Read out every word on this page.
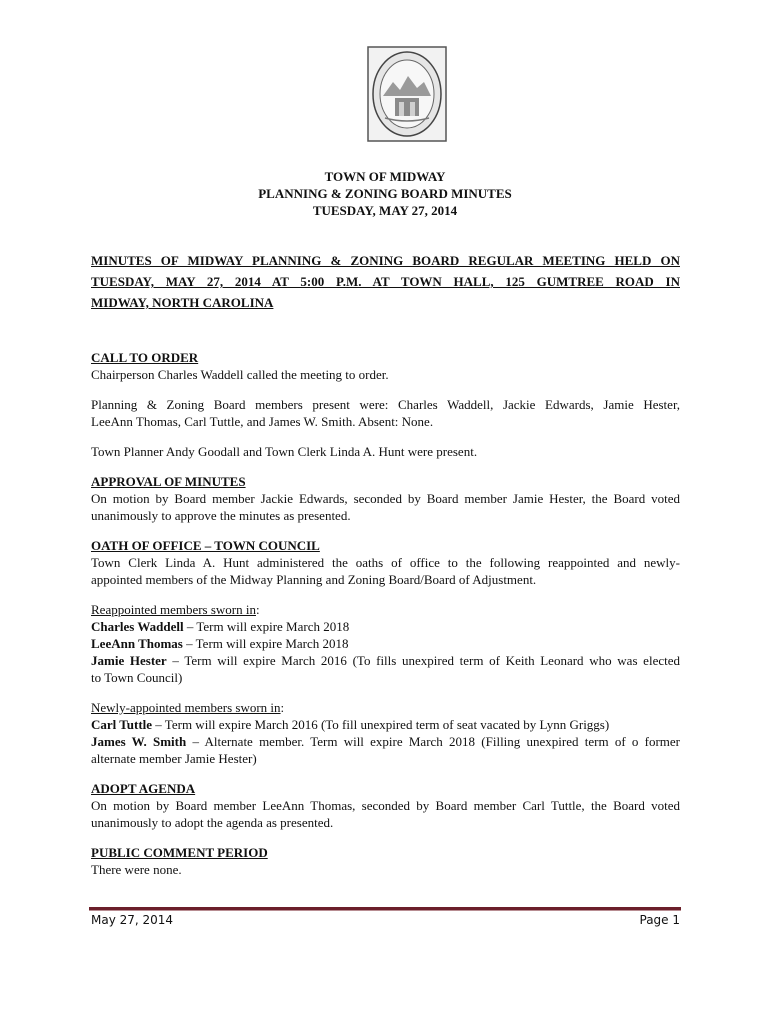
TOWN OF MIDWAY
PLANNING & ZONING BOARD MINUTES
TUESDAY, MAY 27, 2014

MINUTES OF MIDWAY PLANNING & ZONING BOARD REGULAR MEETING HELD ON
TUESDAY, MAY 27, 2014 AT 5:00 P.M. AT TOWN HALL, 125 GUMTREE ROAD IN
MIDWAY, NORTH CAROLINA

CALL TO ORDER

Chairperson Charles Waddell called the meeting to order.

Planning & Zoning Board members present were: Charles Waddell, Jackie Edwards, Jamie Hester,

LeeAnn Thomas, Carl Tuttle, and James W. Smith. Absent: None.

Town Planner Andy Goodall and Town Clerk Linda A. Hunt were present.

APPROVAL OF MINUTES

On motion by Board member Jackie Edwards, seconded by Board member Jamie Hester, the Board voted

unanimously to approve the minutes as presented.

OATH OF OFFICE – TOWN COUNCIL

Town Clerk Linda A. Hunt administered the oaths of office to the following reappointed and newly-

appointed members of the Midway Planning and Zoning Board/Board of Adjustment.

Reappointed members sworn in:

Charles Waddell – Term will expire March 2018

LeeAnn Thomas – Term will expire March 2018

Jamie Hester – Term will expire March 2016 (To fills unexpired term of Keith Leonard who was elected

to Town Council)

Newly-appointed members sworn in:

Carl Tuttle – Term will expire March 2016 (To fill unexpired term of seat vacated by Lynn Griggs)

James W. Smith – Alternate member. Term will expire March 2018 (Filling unexpired term of o former

alternate member Jamie Hester)

ADOPT AGENDA

On motion by Board member LeeAnn Thomas, seconded by Board member Carl Tuttle, the Board voted

unanimously to adopt the agenda as presented.

PUBLIC COMMENT PERIOD

There were none.

May 27, 2014	Page 1
